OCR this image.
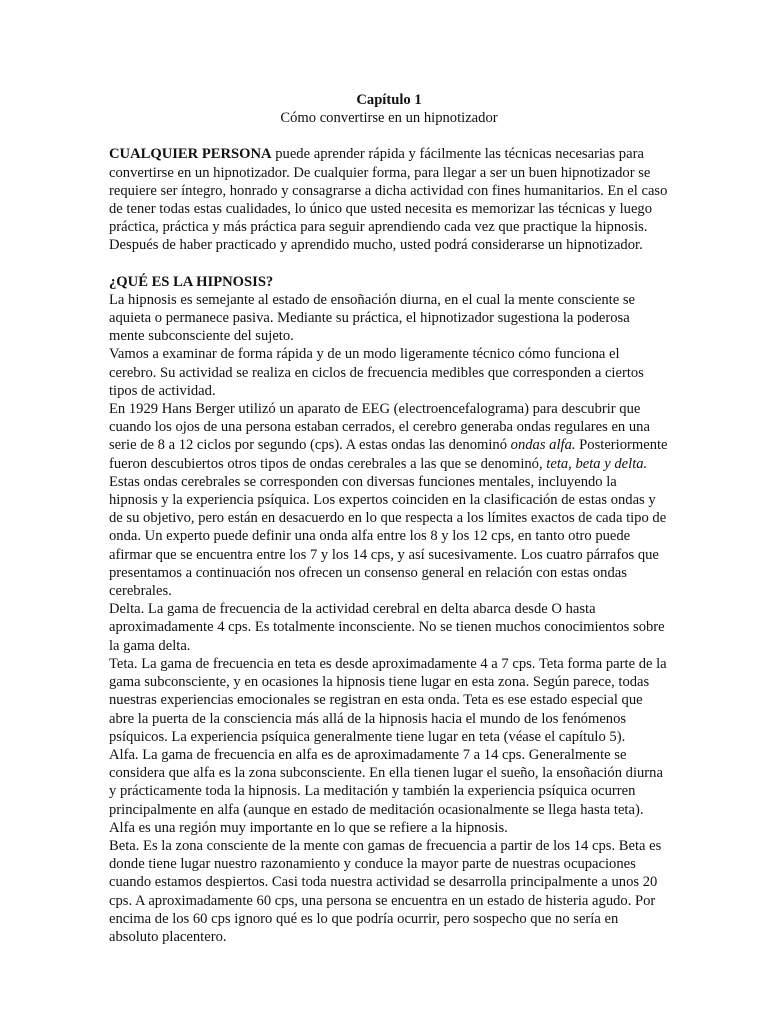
Capítulo 1
Cómo convertirse en un hipnotizador

CUALQUIER PERSONA puede aprender rápida y fácilmente las técnicas necesarias para convertirse en un hipnotizador. De cualquier forma, para llegar a ser un buen hipnotizador se requiere ser íntegro, honrado y consagrarse a dicha actividad con fines humanitarios. En el caso de tener todas estas cualidades, lo único que usted necesita es memorizar las técnicas y luego práctica, práctica y más práctica para seguir aprendiendo cada vez que practique la hipnosis. Después de haber practicado y aprendido mucho, usted podrá considerarse un hipnotizador.

¿QUÉ ES LA HIPNOSIS?

La hipnosis es semejante al estado de ensoñación diurna, en el cual la mente consciente se aquieta o permanece pasiva. Mediante su práctica, el hipnotizador sugestiona la poderosa mente subconsciente del sujeto.

Vamos a examinar de forma rápida y de un modo ligeramente técnico cómo funciona el cerebro. Su actividad se realiza en ciclos de frecuencia medibles que corresponden a ciertos tipos de actividad.

En 1929 Hans Berger utilizó un aparato de EEG (electroencefalograma) para descubrir que cuando los ojos de una persona estaban cerrados, el cerebro generaba ondas regulares en una serie de 8 a 12 ciclos por segundo (cps). A estas ondas las denominó ondas alfa. Posteriormente fueron descubiertos otros tipos de ondas cerebrales a las que se denominó, teta, beta y delta. Estas ondas cerebrales se corresponden con diversas funciones mentales, incluyendo la hipnosis y la experiencia psíquica. Los expertos coinciden en la clasificación de estas ondas y de su objetivo, pero están en desacuerdo en lo que respecta a los límites exactos de cada tipo de onda. Un experto puede definir una onda alfa entre los 8 y los 12 cps, en tanto otro puede afirmar que se encuentra entre los 7 y los 14 cps, y así sucesivamente. Los cuatro párrafos que presentamos a continuación nos ofrecen un consenso general en relación con estas ondas cerebrales.

Delta. La gama de frecuencia de la actividad cerebral en delta abarca desde O hasta aproximadamente 4 cps. Es totalmente inconsciente. No se tienen muchos conocimientos sobre la gama delta.

Teta. La gama de frecuencia en teta es desde aproximadamente 4 a 7 cps. Teta forma parte de la gama subconsciente, y en ocasiones la hipnosis tiene lugar en esta zona. Según parece, todas nuestras experiencias emocionales se registran en esta onda. Teta es ese estado especial que abre la puerta de la consciencia más allá de la hipnosis hacia el mundo de los fenómenos psíquicos. La experiencia psíquica generalmente tiene lugar en teta (véase el capítulo 5).

Alfa. La gama de frecuencia en alfa es de aproximadamente 7 a 14 cps. Generalmente se considera que alfa es la zona subconsciente. En ella tienen lugar el sueño, la ensoñación diurna y prácticamente toda la hipnosis. La meditación y también la experiencia psíquica ocurren principalmente en alfa (aunque en estado de meditación ocasionalmente se llega hasta teta). Alfa es una región muy importante en lo que se refiere a la hipnosis.

Beta. Es la zona consciente de la mente con gamas de frecuencia a partir de los 14 cps. Beta es donde tiene lugar nuestro razonamiento y conduce la mayor parte de nuestras ocupaciones cuando estamos despiertos. Casi toda nuestra actividad se desarrolla principalmente a unos 20 cps. A aproximadamente 60 cps, una persona se encuentra en un estado de histeria agudo. Por encima de los 60 cps ignoro qué es lo que podría ocurrir, pero sospecho que no sería en absoluto placentero.
